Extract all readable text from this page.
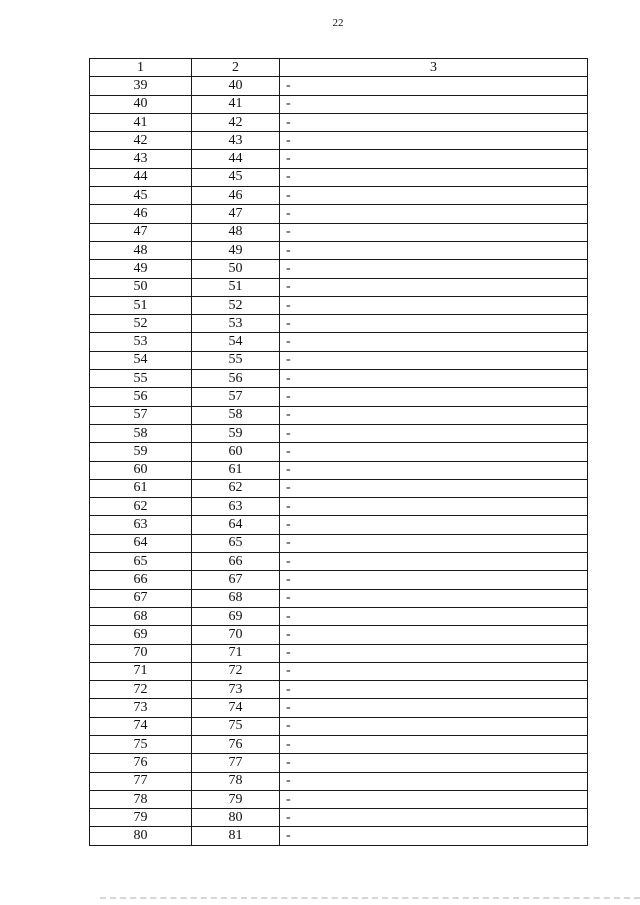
22
1	2	3
39	40	-
40	41	-
41	42	-
42	43	-
43	44	-
44	45	-
45	46	-
46	47	-
47	48	-
48	49	-
49	50	-
50	51	-
51	52	-
52	53	-
53	54	-
54	55	-
55	56	-
56	57	-
57	58	-
58	59	-
59	60	-
60	61	-
61	62	-
62	63	-
63	64	-
64	65	-
65	66	-
66	67	-
67	68	-
68	69	-
69	70	-
70	71	-
71	72	-
72	73	-
73	74	-
74	75	-
75	76	-
76	77	-
77	78	-
78	79	-
79	80	-
80	81	-
